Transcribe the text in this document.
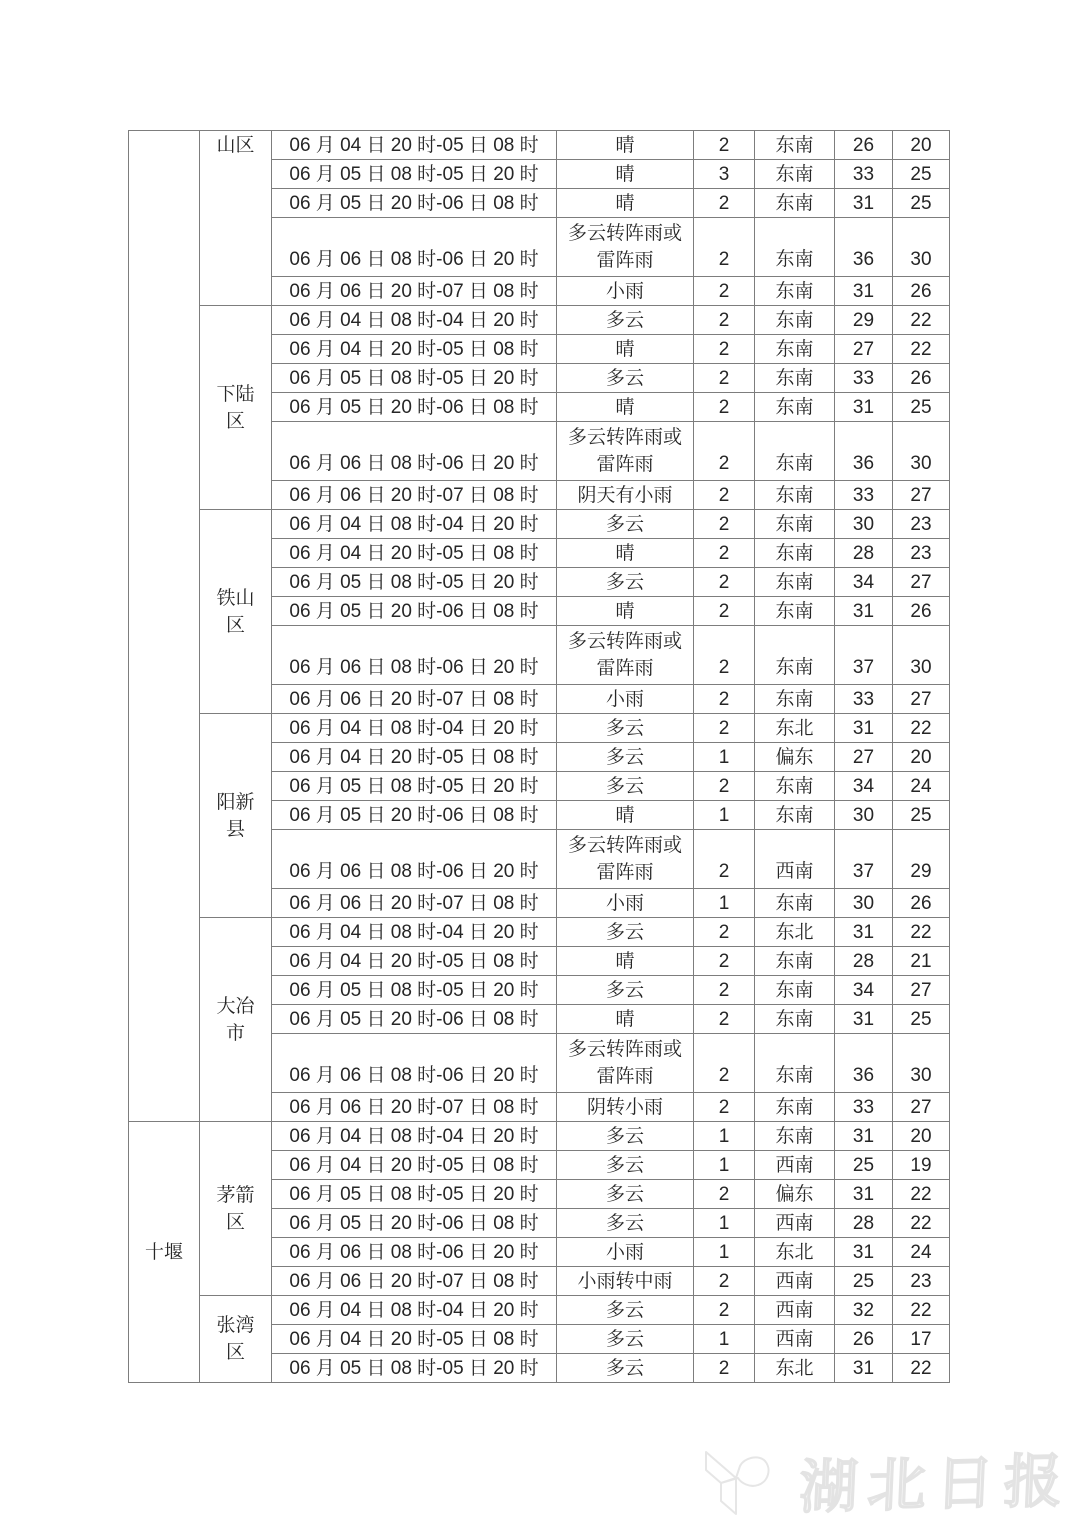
	山区	06 月 04 日 20 时-05 日 08 时	晴	2	东南	26	20
		06 月 05 日 08 时-05 日 20 时	晴	3	东南	33	25
		06 月 05 日 20 时-06 日 08 时	晴	2	东南	31	25
		06 月 06 日 08 时-06 日 20 时	多云转阵雨或
雷阵雨	2	东南	36	30
		06 月 06 日 20 时-07 日 08 时	小雨	2	东南	31	26
	下陆
区	06 月 04 日 08 时-04 日 20 时	多云	2	东南	29	22
		06 月 04 日 20 时-05 日 08 时	晴	2	东南	27	22
		06 月 05 日 08 时-05 日 20 时	多云	2	东南	33	26
		06 月 05 日 20 时-06 日 08 时	晴	2	东南	31	25
		06 月 06 日 08 时-06 日 20 时	多云转阵雨或
雷阵雨	2	东南	36	30
		06 月 06 日 20 时-07 日 08 时	阴天有小雨	2	东南	33	27
	铁山
区	06 月 04 日 08 时-04 日 20 时	多云	2	东南	30	23
		06 月 04 日 20 时-05 日 08 时	晴	2	东南	28	23
		06 月 05 日 08 时-05 日 20 时	多云	2	东南	34	27
		06 月 05 日 20 时-06 日 08 时	晴	2	东南	31	26
		06 月 06 日 08 时-06 日 20 时	多云转阵雨或
雷阵雨	2	东南	37	30
		06 月 06 日 20 时-07 日 08 时	小雨	2	东南	33	27
	阳新
县	06 月 04 日 08 时-04 日 20 时	多云	2	东北	31	22
		06 月 04 日 20 时-05 日 08 时	多云	1	偏东	27	20
		06 月 05 日 08 时-05 日 20 时	多云	2	东南	34	24
		06 月 05 日 20 时-06 日 08 时	晴	1	东南	30	25
		06 月 06 日 08 时-06 日 20 时	多云转阵雨或
雷阵雨	2	西南	37	29
		06 月 06 日 20 时-07 日 08 时	小雨	1	东南	30	26
	大冶
市	06 月 04 日 08 时-04 日 20 时	多云	2	东北	31	22
		06 月 04 日 20 时-05 日 08 时	晴	2	东南	28	21
		06 月 05 日 08 时-05 日 20 时	多云	2	东南	34	27
		06 月 05 日 20 时-06 日 08 时	晴	2	东南	31	25
		06 月 06 日 08 时-06 日 20 时	多云转阵雨或
雷阵雨	2	东南	36	30
		06 月 06 日 20 时-07 日 08 时	阴转小雨	2	东南	33	27
十堰	茅箭
区	06 月 04 日 08 时-04 日 20 时	多云	1	东南	31	20
		06 月 04 日 20 时-05 日 08 时	多云	1	西南	25	19
		06 月 05 日 08 时-05 日 20 时	多云	2	偏东	31	22
		06 月 05 日 20 时-06 日 08 时	多云	1	西南	28	22
		06 月 06 日 08 时-06 日 20 时	小雨	1	东北	31	24
		06 月 06 日 20 时-07 日 08 时	小雨转中雨	2	西南	25	23
	张湾
区	06 月 04 日 08 时-04 日 20 时	多云	2	西南	32	22
		06 月 04 日 20 时-05 日 08 时	多云	1	西南	26	17
		06 月 05 日 08 时-05 日 20 时	多云	2	东北	31	22
湖北日报
